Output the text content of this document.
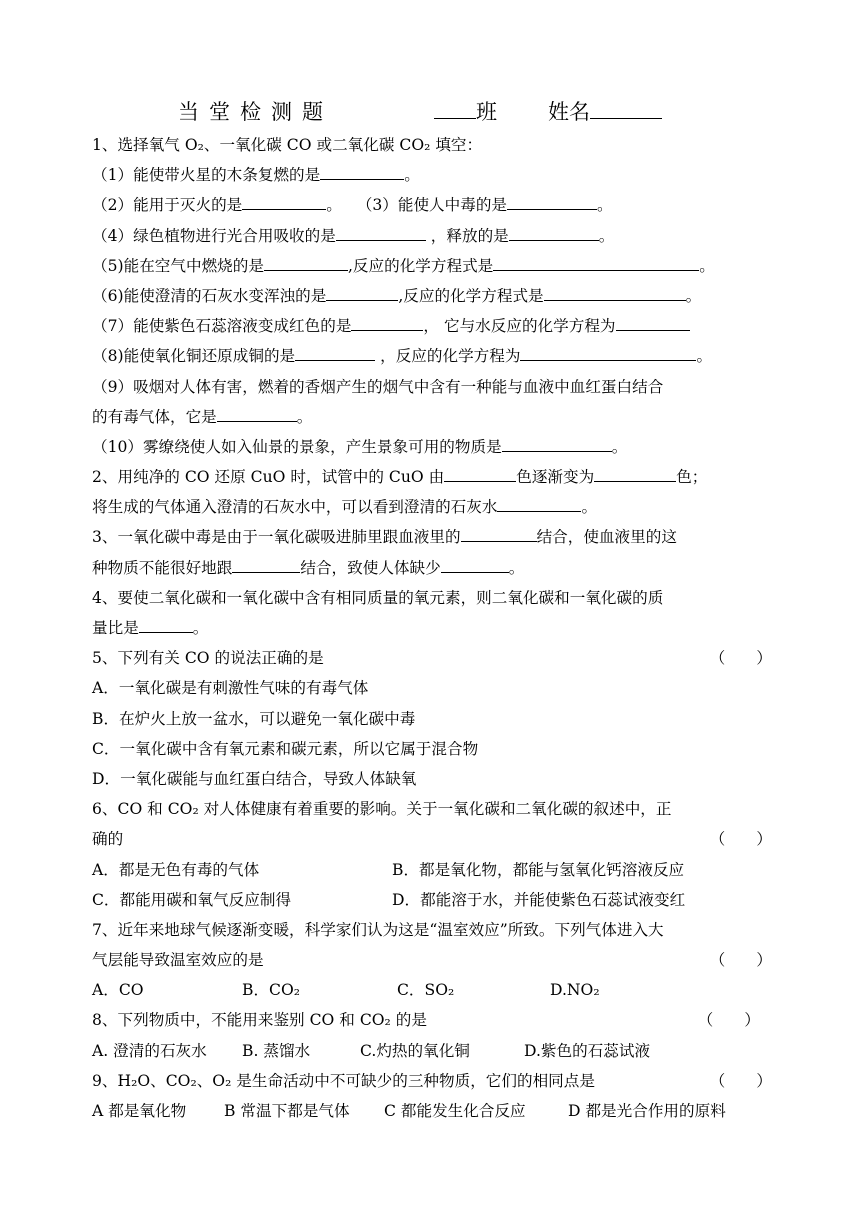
当堂检测题	班 姓名
1、选择氧气 O₂、一氧化碳 CO 或二氧化碳 CO₂ 填空：
（1）能使带火星的木条复燃的是	。
（2）能用于灭火的是	。 （3）能使人中毒的是	。
（4）绿色植物进行光合用吸收的是	，释放的是	。
（5)能在空气中燃烧的是	,反应的化学方程式是	。
（6)能使澄清的石灰水变浑浊的是	,反应的化学方程式是	。
（7）能使紫色石蕊溶液变成红色的是	， 它与水反应的化学方程为
（8)能使氧化铜还原成铜的是	，反应的化学方程为	。
（9）吸烟对人体有害，燃着的香烟产生的烟气中含有一种能与血液中血红蛋白结合
的有毒气体，它是	。
（10）雾缭绕使人如入仙景的景象，产生景象可用的物质是	。
2、用纯净的 CO 还原 CuO 时，试管中的 CuO 由	色逐渐变为	色；
将生成的气体通入澄清的石灰水中，可以看到澄清的石灰水	。
3、一氧化碳中毒是由于一氧化碳吸进肺里跟血液里的	结合，使血液里的这
种物质不能很好地跟	结合，致使人体缺少	。
4、要使二氧化碳和一氧化碳中含有相同质量的氧元素，则二氧化碳和一氧化碳的质
量比是	。
5、下列有关 CO 的说法正确的是	（　　）
A．一氧化碳是有刺激性气味的有毒气体
B．在炉火上放一盆水，可以避免一氧化碳中毒
C．一氧化碳中含有氧元素和碳元素，所以它属于混合物
D．一氧化碳能与血红蛋白结合，导致人体缺氧
6、CO 和 CO₂ 对人体健康有着重要的影响。关于一氧化碳和二氧化碳的叙述中，正
确的	（　　）
A．都是无色有毒的气体	B．都是氧化物，都能与氢氧化钙溶液反应
C．都能用碳和氧气反应制得	D．都能溶于水，并能使紫色石蕊试液变红
7、近年来地球气候逐渐变暖，科学家们认为这是“温室效应”所致。下列气体进入大
气层能导致温室效应的是	（　　）
A．CO	B．CO₂	C．SO₂	D.NO₂
8、下列物质中，不能用来鉴别 CO 和 CO₂ 的是	（　　）
A. 澄清的石灰水 B. 蒸馏水	C.灼热的氧化铜	D.紫色的石蕊试液
9、H₂O、CO₂、O₂ 是生命活动中不可缺少的三种物质，它们的相同点是	（　　）
A 都是氧化物 B 常温下都是气体 C 都能发生化合反应	D 都是光合作用的原料
